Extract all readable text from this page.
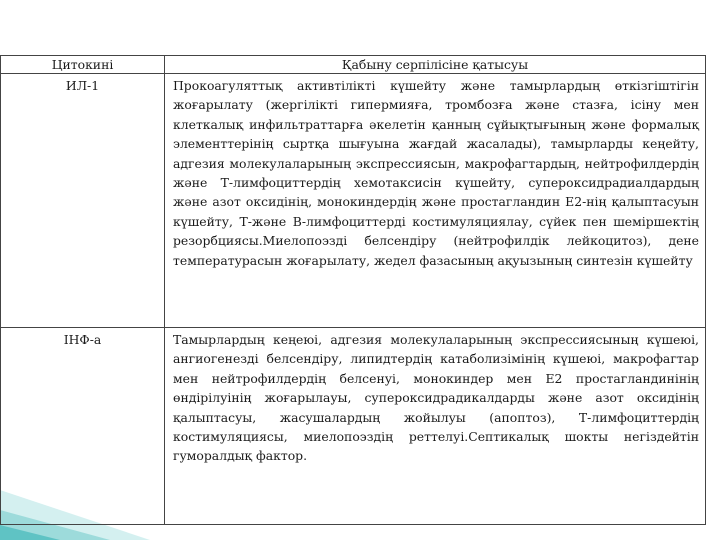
Цитокині	Қабыну серпілісіне қатысуы
ИЛ-1	Прокоагуляттық активтілікті күшейту және тамырлардың өткізгіштігін жоғарылату (жергілікті гипермияға, тромбозға және стазға, ісіну мен клеткалық инфильтраттарға әкелетін қанның сұйықтығының және формалық элементтерінің сыртқа шығуына жағдай жасалады), тамырларды кеңейту, адгезия молекулаларының экспрессиясын, макрофагтардың, нейтрофилдердің және Т-лимфоциттердің хемотаксисін күшейту, супероксидрадиалдардың және азот оксидінің, монокиндердің және простагландин Е2-нің қалыптасуын күшейту, Т-және В-лимфоциттерді костимуляциялау, сүйек пен шеміршектің резорбциясы.Миелопоэзді белсендіру (нейтрофилдік лейкоцитоз), дене температурасын жоғарылату, жедел фазасының ақуызының синтезін күшейту
ІНФ-а	Тамырлардың кеңеюі, адгезия молекулаларының экспрессиясының күшеюі, ангиогенезді белсендіру, липидтердің катаболизімінің күшеюі, макрофагтар мен нейтрофилдердің белсенуі, монокиндер мен Е2 простагландинінің өндірілуінің жоғарылауы, супероксидрадикалдарды және азот оксидінің қалыптасуы, жасушалардың жойылуы (апоптоз), Т-лимфоциттердің костимуляциясы, миелопоэздің реттелуі.Септикалық шокты негіздейтін гуморалдық фактор.
